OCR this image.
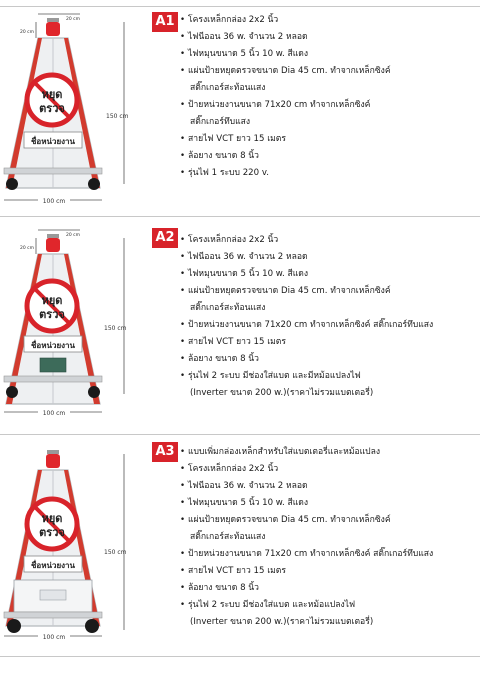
20 cm
20 cm
หยุด
ตรวจ
ชื่อหน่วยงาน
150 cm
100 cm
A1	• โครงเหล็กกล่อง 2x2 นิ้ว
• ไฟนีออน 36 w. จำนวน 2 หลอด
• ไฟหมุนขนาด 5 นิ้ว 10 w. สีแดง
• แผ่นป้ายหยุดตรวจขนาด Dia 45 cm. ทำจากเหล็กซิงค์
สติ๊กเกอร์สะท้อนแสง
• ป้ายหน่วยงานขนาด 71x20 cm ทำจากเหล็กซิงค์
สติ๊กเกอร์ทึบแสง
• สายไฟ VCT ยาว 15 เมตร
• ล้อยาง ขนาด 8 นิ้ว
• รุ่นไฟ 1 ระบบ 220 v.
20 cm
20 cm
หยุด
ตรวจ
ชื่อหน่วยงาน
150 cm
100 cm
A2	• โครงเหล็กกล่อง 2x2 นิ้ว
• ไฟนีออน 36 w. จำนวน 2 หลอด
• ไฟหมุนขนาด 5 นิ้ว 10 w. สีแดง
• แผ่นป้ายหยุดตรวจขนาด Dia 45 cm. ทำจากเหล็กซิงค์
สติ๊กเกอร์สะท้อนแสง
• ป้ายหน่วยงานขนาด 71x20 cm ทำจากเหล็กซิงค์ สติ๊กเกอร์ทึบแสง
• สายไฟ VCT ยาว 15 เมตร
• ล้อยาง ขนาด 8 นิ้ว
• รุ่นไฟ 2 ระบบ มีช่องใส่แบต และมีหม้อแปลงไฟ
(Inverter ขนาด 200 w.)(ราคาไม่รวมแบตเตอรี่)
หยุด
ตรวจ
ชื่อหน่วยงาน
150 cm
100 cm
A3	• แบบเพิ่มกล่องเหล็กสำหรับใส่แบตเตอรี่และหม้อแปลง
• โครงเหล็กกล่อง 2x2 นิ้ว
• ไฟนีออน 36 w. จำนวน 2 หลอด
• ไฟหมุนขนาด 5 นิ้ว 10 w. สีแดง
• แผ่นป้ายหยุดตรวจขนาด Dia 45 cm. ทำจากเหล็กซิงค์
สติ๊กเกอร์สะท้อนแสง
• ป้ายหน่วยงานขนาด 71x20 cm ทำจากเหล็กซิงค์ สติ๊กเกอร์ทึบแสง
• สายไฟ VCT ยาว 15 เมตร
• ล้อยาง ขนาด 8 นิ้ว
• รุ่นไฟ 2 ระบบ มีช่องใส่แบต และหม้อแปลงไฟ
(Inverter ขนาด 200 w.)(ราคาไม่รวมแบตเตอรี่)
